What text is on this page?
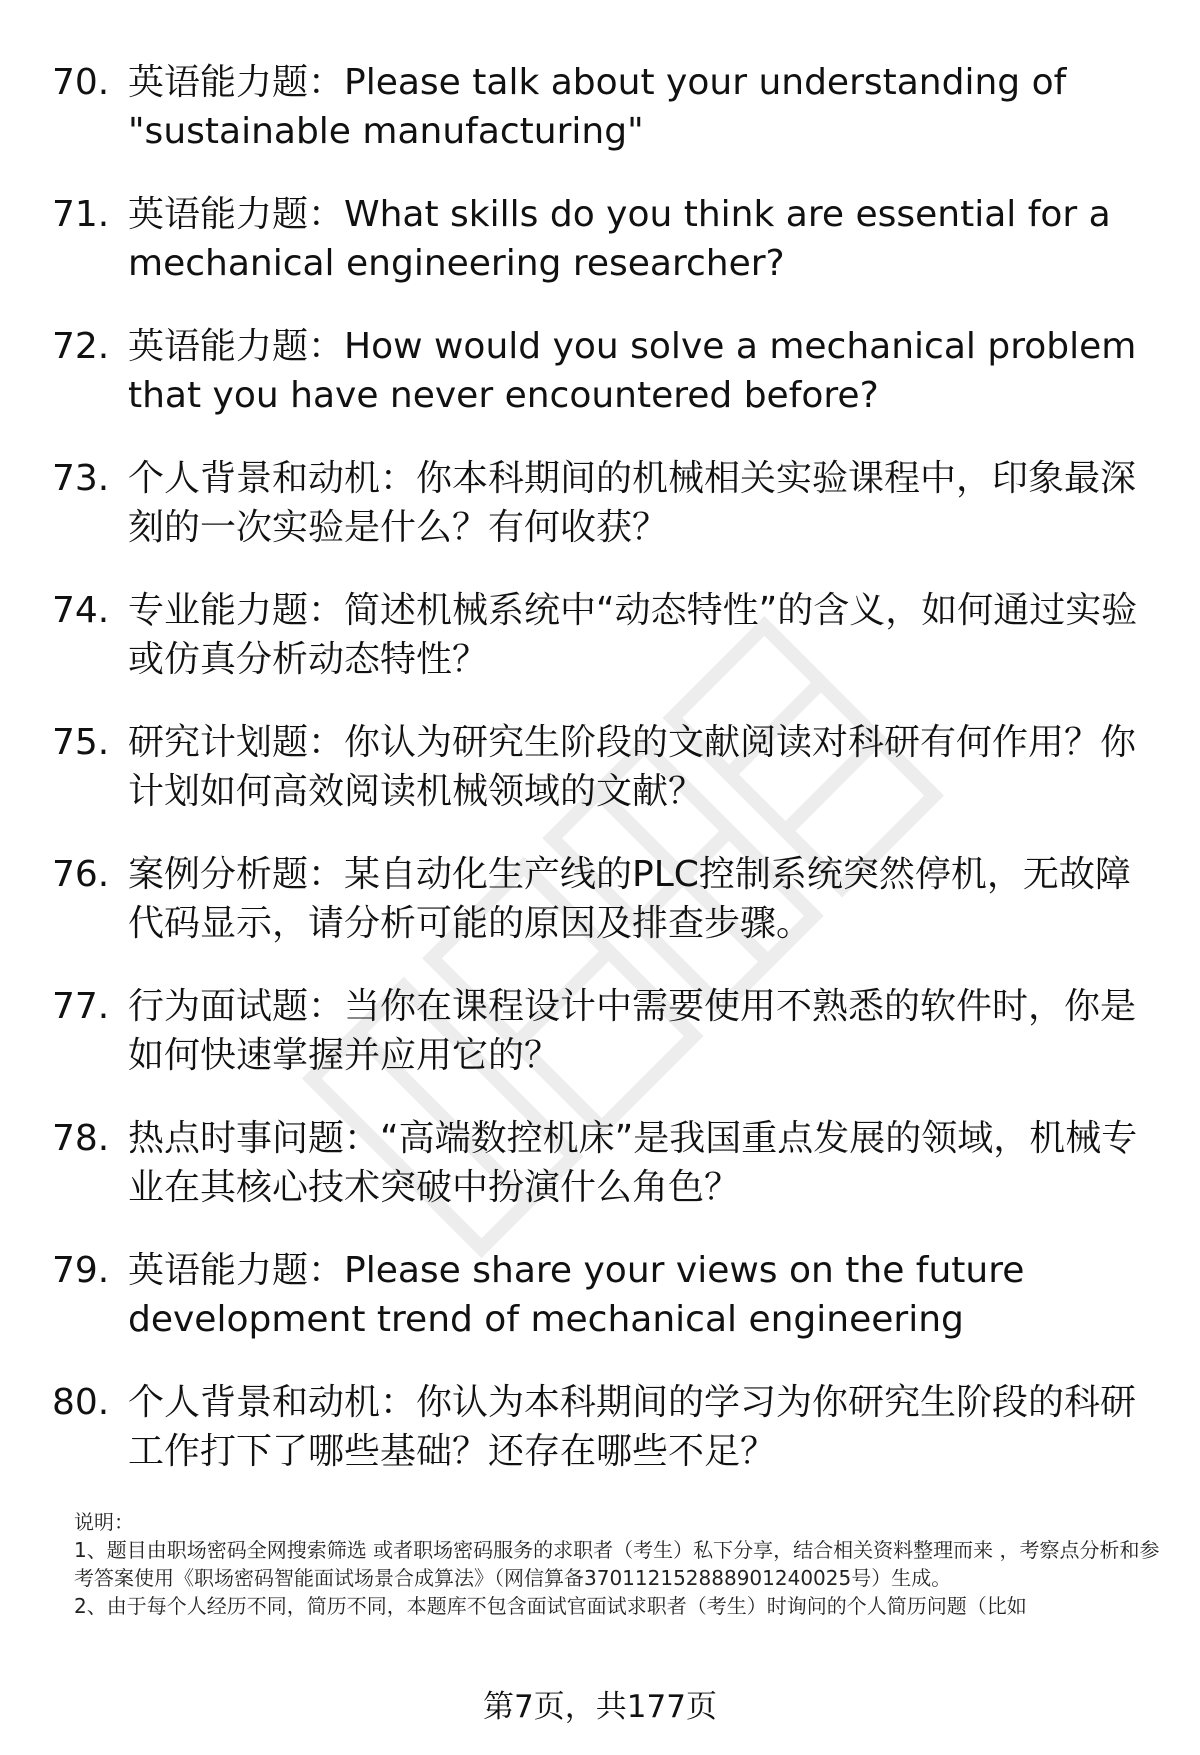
70. 英语能力题：Please talk about your understanding of "sustainable manufacturing"
71. 英语能力题：What skills do you think are essential for a mechanical engineering researcher?
72. 英语能力题：How would you solve a mechanical problem that you have never encountered before?
73. 个人背景和动机：你本科期间的机械相关实验课程中，印象最深刻的一次实验是什么？有何收获？
74. 专业能力题：简述机械系统中“动态特性”的含义，如何通过实验或仿真分析动态特性？
75. 研究计划题：你认为研究生阶段的文献阅读对科研有何作用？你计划如何高效阅读机械领域的文献？
76. 案例分析题：某自动化生产线的PLC控制系统突然停机，无故障代码显示，请分析可能的原因及排查步骤。
77. 行为面试题：当你在课程设计中需要使用不熟悉的软件时，你是如何快速掌握并应用它的？
78. 热点时事问题：“高端数控机床”是我国重点发展的领域，机械专业在其核心技术突破中扮演什么角色？
79. 英语能力题：Please share your views on the future development trend of mechanical engineering
80. 个人背景和动机：你认为本科期间的学习为你研究生阶段的科研工作打下了哪些基础？还存在哪些不足？

说明：

1、题目由职场密码全网搜索筛选 或者职场密码服务的求职者（考生）私下分享，结合相关资料整理而来 ，考察点分析和参考答案使用《职场密码智能面试场景合成算法》（网信算备370112152888901240025号）生成。

2、由于每个人经历不同，简历不同，本题库不包含面试官面试求职者（考生）时询问的个人简历问题（比如

第7页，共177页
